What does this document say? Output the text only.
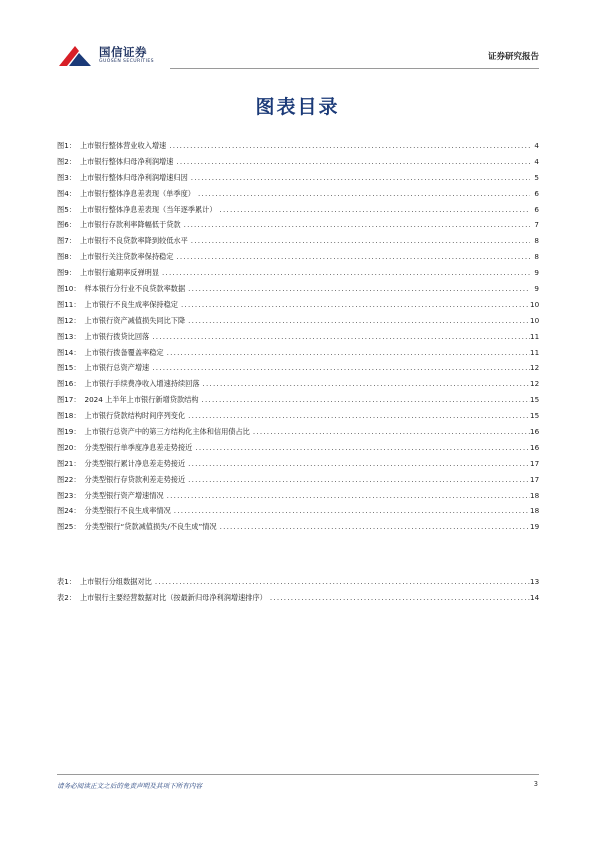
国信证券
GUOSEN SECURITIES	证券研究报告
图表目录
图1： 上市银行整体营业收入增速 .....	4
图2： 上市银行整体归母净利润增速 .....	4
图3： 上市银行整体归母净利润增速归因 .....	5
图4： 上市银行整体净息差表现（单季度） .....	6
图5： 上市银行整体净息差表现（当年逐季累计） .....	6
图6： 上市银行存款利率降幅低于贷款 .....	7
图7： 上市银行不良贷款率降到较低水平 .....	8
图8： 上市银行关注贷款率保持稳定 .....	8
图9： 上市银行逾期率反弹明显 .....	9
图10： 样本银行分行业不良贷款率数据 .....	9
图11： 上市银行不良生成率保持稳定 .....	10
图12： 上市银行资产减值损失同比下降 .....	10
图13： 上市银行拨贷比回落 .....	11
图14： 上市银行拨备覆盖率稳定 .....	11
图15： 上市银行总资产增速 .....	12
图16： 上市银行手续费净收入增速持续回落 .....	12
图17： 2024 上半年上市银行新增贷款结构 .....	15
图18： 上市银行贷款结构时间序列变化 .....	15
图19： 上市银行总资产中的第三方结构化主体和信用债占比 .....	16
图20： 分类型银行单季度净息差走势接近 .....	16
图21： 分类型银行累计净息差走势接近 .....	17
图22： 分类型银行存贷款利差走势接近 .....	17
图23： 分类型银行资产增速情况 .....	18
图24： 分类型银行不良生成率情况 .....	18
图25： 分类型银行“贷款减值损失/不良生成”情况 .....	19
表1： 上市银行分组数据对比 .....	13
表2： 上市银行主要经营数据对比（按最新归母净利润增速排序） .....	14
请务必阅读正文之后的免责声明及其项下所有内容	3
